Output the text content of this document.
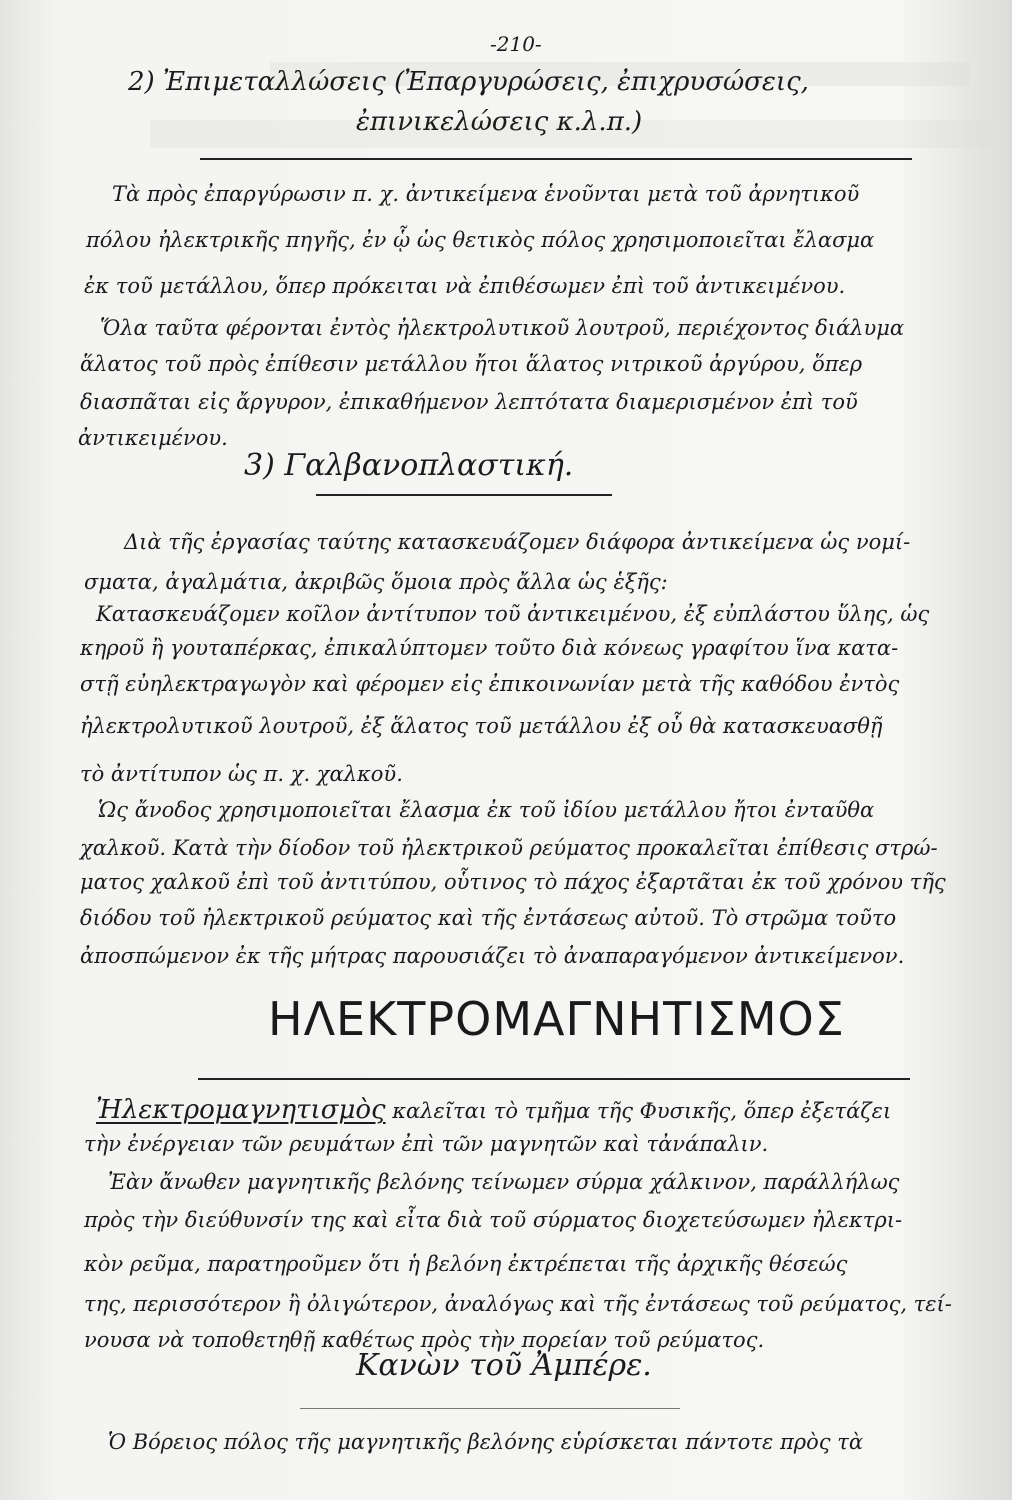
-210-
2) Ἐπιμεταλλώσεις (Ἐπαργυρώσεις, ἐπιχρυσώσεις,
ἐπινικελώσεις κ.λ.π.)
Τὰ πρὸς ἐπαργύρωσιν π. χ. ἀντικείμενα ἑνοῦνται μετὰ τοῦ ἀρνητικοῦ
πόλου ἠλεκτρικῆς πηγῆς, ἐν ᾧ ὡς θετικὸς πόλος χρησιμοποιεῖται ἔλασμα
ἐκ τοῦ μετάλλου, ὅπερ πρόκειται νὰ ἐπιθέσωμεν ἐπὶ τοῦ ἀντικειμένου.
Ὅλα ταῦτα φέρονται ἐντὸς ἠλεκτρολυτικοῦ λουτροῦ, περιέχοντος διάλυμα
ἅλατος τοῦ πρὸς ἐπίθεσιν μετάλλου ἤτοι ἅλατος νιτρικοῦ ἀργύρου, ὅπερ
διασπᾶται εἰς ἄργυρον, ἐπικαθήμενον λεπτότατα διαμερισμένον ἐπὶ τοῦ
ἀντικειμένου.
3) Γαλβανοπλαστική.
Διὰ τῆς ἐργασίας ταύτης κατασκευάζομεν διάφορα ἀντικείμενα ὡς νομί-
σματα, ἀγαλμάτια, ἀκριβῶς ὅμοια πρὸς ἄλλα ὡς ἑξῆς:
Κατασκευάζομεν κοῖλον ἀντίτυπον τοῦ ἀντικειμένου, ἐξ εὐπλάστου ὕλης, ὡς
κηροῦ ἢ γουταπέρκας, ἐπικαλύπτομεν τοῦτο διὰ κόνεως γραφίτου ἵνα κατα-
στῇ εὐηλεκτραγωγὸν καὶ φέρομεν εἰς ἐπικοινωνίαν μετὰ τῆς καθόδου ἐντὸς
ἠλεκτρολυτικοῦ λουτροῦ, ἐξ ἅλατος τοῦ μετάλλου ἐξ οὗ θὰ κατασκευασθῇ
τὸ ἀντίτυπον ὡς π. χ. χαλκοῦ.
Ὡς ἄνοδος χρησιμοποιεῖται ἔλασμα ἐκ τοῦ ἰδίου μετάλλου ἤτοι ἐνταῦθα
χαλκοῦ. Κατὰ τὴν δίοδον τοῦ ἠλεκτρικοῦ ρεύματος προκαλεῖται ἐπίθεσις στρώ-
ματος χαλκοῦ ἐπὶ τοῦ ἀντιτύπου, οὗτινος τὸ πάχος ἐξαρτᾶται ἐκ τοῦ χρόνου τῆς
διόδου τοῦ ἠλεκτρικοῦ ρεύματος καὶ τῆς ἐντάσεως αὐτοῦ. Τὸ στρῶμα τοῦτο
ἀποσπώμενον ἐκ τῆς μήτρας παρουσιάζει τὸ ἀναπαραγόμενον ἀντικείμενον.
ΗΛΕΚΤΡΟΜΑΓΝΗΤΙΣΜΟΣ
Ἠλεκτρομαγνητισμὸς καλεῖται τὸ τμῆμα τῆς Φυσικῆς, ὅπερ ἐξετάζει
τὴν ἐνέργειαν τῶν ρευμάτων ἐπὶ τῶν μαγνητῶν καὶ τἀνάπαλιν.
Ἐὰν ἄνωθεν μαγνητικῆς βελόνης τείνωμεν σύρμα χάλκινον, παράλλήλως
πρὸς τὴν διεύθυνσίν της καὶ εἶτα διὰ τοῦ σύρματος διοχετεύσωμεν ἠλεκτρι-
κὸν ρεῦμα, παρατηροῦμεν ὅτι ἡ βελόνη ἐκτρέπεται τῆς ἀρχικῆς θέσεώς
της, περισσότερον ἢ ὀλιγώτερον, ἀναλόγως καὶ τῆς ἐντάσεως τοῦ ρεύματος, τεί-
νουσα νὰ τοποθετηθῇ καθέτως πρὸς τὴν πορείαν τοῦ ρεύματος.
Κανὼν τοῦ Ἀμπέρε.
Ὁ Βόρειος πόλος τῆς μαγνητικῆς βελόνης εὑρίσκεται πάντοτε πρὸς τὰ
